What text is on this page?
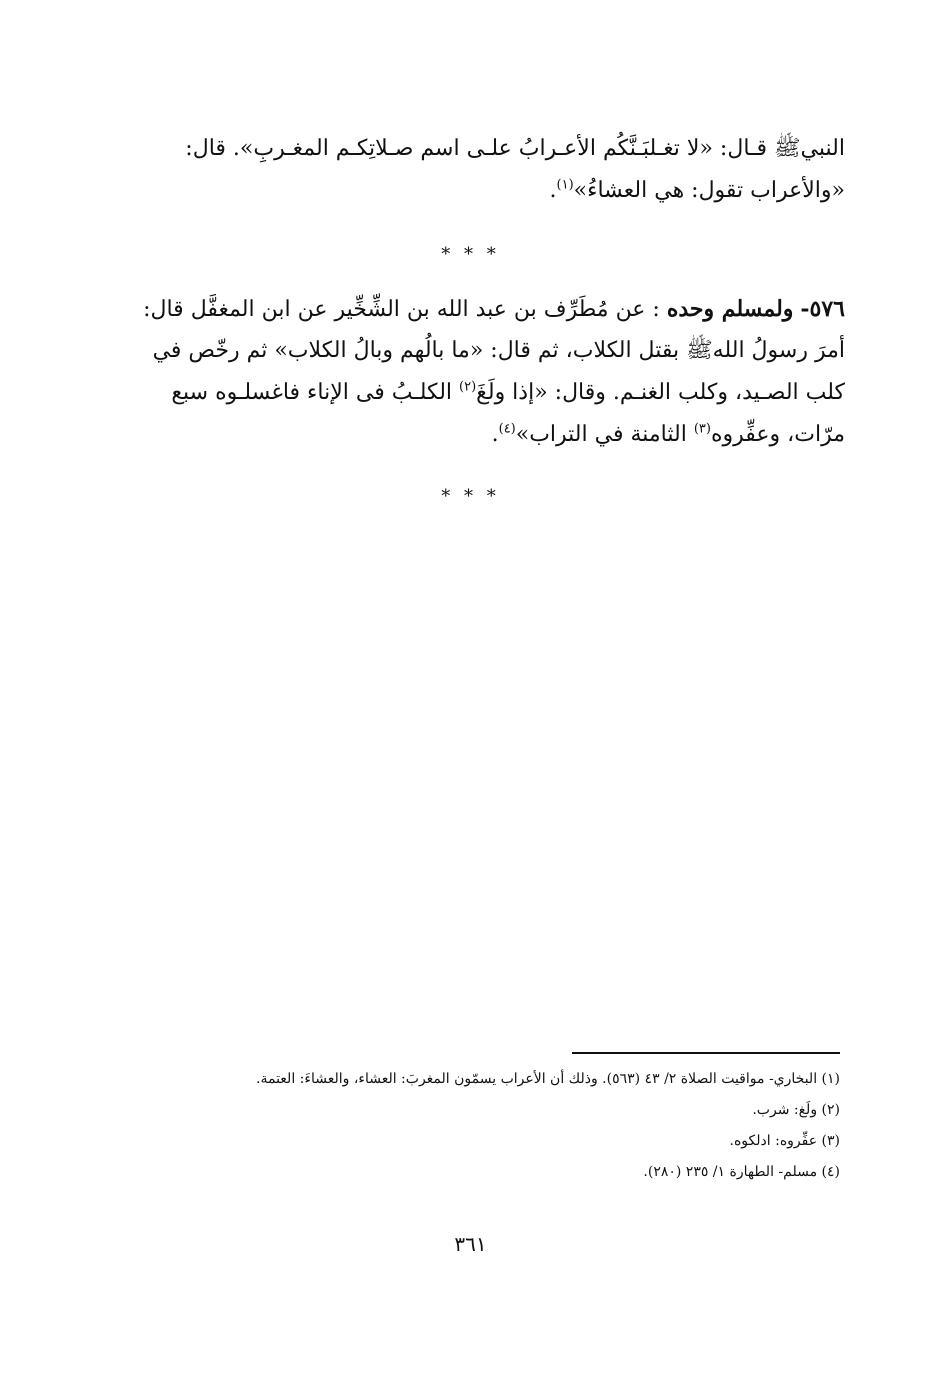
النبيﷺ قـال: «لا تغـلبَـنَّكُم الأعـرابُ علـى اسم صـلاتِكـم المغـربِ». قال:
«والأعراب تقول: هي العشاءُ»$^{(١)}$.
* * *
٥٧٦- ولمسلم وحده : عن مُطَرِّف بن عبد الله بن الشِّخِّير عن ابن المغفَّل قال:
أمرَ رسولُ اللهﷺ بقتل الكلاب، ثم قال: «ما بالُهم وبالُ الكلاب» ثم رخّص في
كلب الصـيد، وكلب الغنـم. وقال: «إذا ولَغَ$^{(٢)}$ الكلـبُ فى الإناء فاغسلـوه سبع
مرّات، وعفِّروه$^{(٣)}$ الثامنة في التراب»$^{(٤)}$.
* * *
(١) البخاري- مواقيت الصلاة ٢/ ٤٣ (٥٦٣). وذلك أن الأعراب يسمّون المغربَ: العشاء، والعشاءَ: العتمة.
(٢) ولَغ: شرب.
(٣) عفِّروه: ادلكوه.
(٤) مسلم- الطهارة ١/ ٢٣٥ (٢٨٠).
٣٦١
